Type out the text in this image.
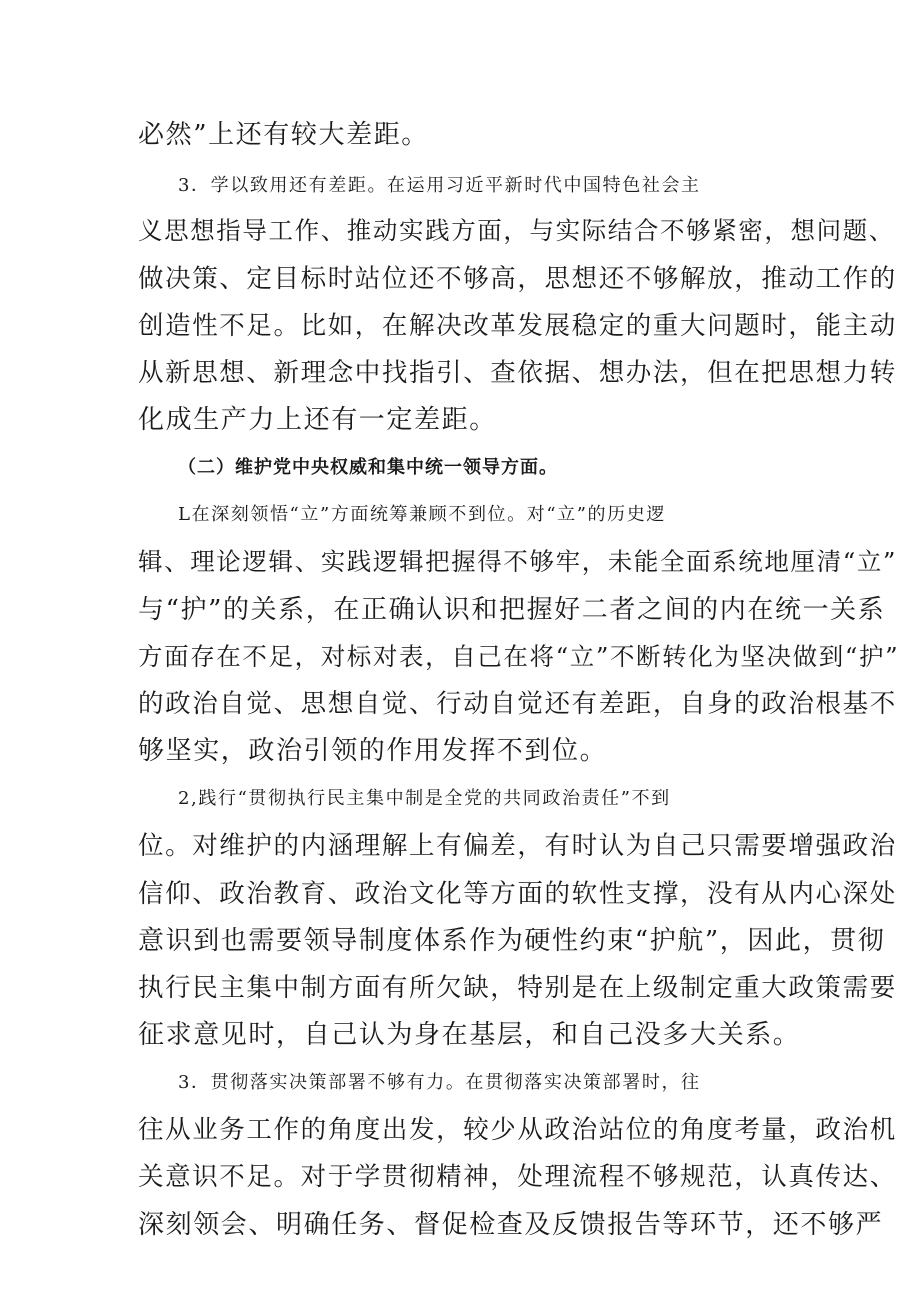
必然”上还有较大差距。
3．学以致用还有差距。在运用习近平新时代中国特色社会主
义思想指导工作、推动实践方面，与实际结合不够紧密，想问题、
做决策、定目标时站位还不够高，思想还不够解放，推动工作的
创造性不足。比如，在解决改革发展稳定的重大问题时，能主动
从新思想、新理念中找指引、查依据、想办法，但在把思想力转
化成生产力上还有一定差距。
（二）维护党中央权威和集中统一领导方面。
L在深刻领悟“立”方面统筹兼顾不到位。对“立”的历史逻
辑、理论逻辑、实践逻辑把握得不够牢，未能全面系统地厘清“立”
与“护”的关系，在正确认识和把握好二者之间的内在统一关系
方面存在不足，对标对表，自己在将“立”不断转化为坚决做到“护”
的政治自觉、思想自觉、行动自觉还有差距，自身的政治根基不
够坚实，政治引领的作用发挥不到位。
2,践行“贯彻执行民主集中制是全党的共同政治责任”不到
位。对维护的内涵理解上有偏差，有时认为自己只需要增强政治
信仰、政治教育、政治文化等方面的软性支撑，没有从内心深处
意识到也需要领导制度体系作为硬性约束“护航”，因此，贯彻
执行民主集中制方面有所欠缺，特别是在上级制定重大政策需要
征求意见时，自己认为身在基层，和自己没多大关系。
3．贯彻落实决策部署不够有力。在贯彻落实决策部署时，往
往从业务工作的角度出发，较少从政治站位的角度考量，政治机
关意识不足。对于学贯彻精神，处理流程不够规范，认真传达、
深刻领会、明确任务、督促检查及反馈报告等环节，还不够严
